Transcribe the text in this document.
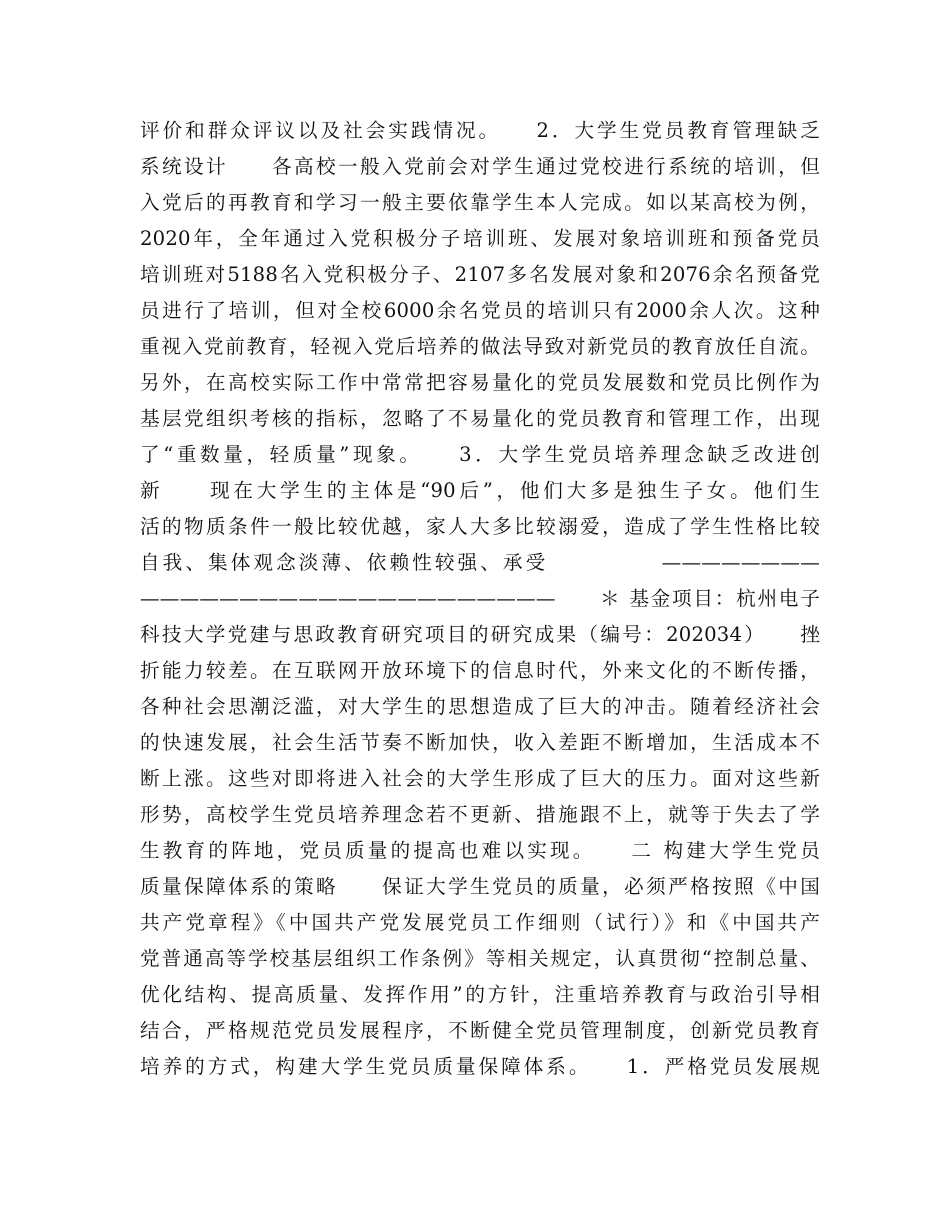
评价和群众评议以及社会实践情况。　　2．大学生党员教育管理缺乏
系统设计　　各高校一般入党前会对学生通过党校进行系统的培训，但
入党后的再教育和学习一般主要依靠学生本人完成。如以某高校为例，
2020年，全年通过入党积极分子培训班、发展对象培训班和预备党员
培训班对5188名入党积极分子、2107多名发展对象和2076余名预备党
员进行了培训，但对全校6000余名党员的培训只有2000余人次。这种
重视入党前教育，轻视入党后培养的做法导致对新党员的教育放任自流。
另外，在高校实际工作中常常把容易量化的党员发展数和党员比例作为
基层党组织考核的指标，忽略了不易量化的党员教育和管理工作，出现
了“重数量，轻质量”现象。　　3．大学生党员培养理念缺乏改进创
新　　现在大学生的主体是“90后”，他们大多是独生子女。他们生
活的物质条件一般比较优越，家人大多比较溺爱，造成了学生性格比较
自我、集体观念淡薄、依赖性较强、承受　　　　　————————
—————————————————————　　＊ 基金项目：杭州电子
科技大学党建与思政教育研究项目的研究成果（编号：202034）　　挫
折能力较差。在互联网开放环境下的信息时代，外来文化的不断传播，
各种社会思潮泛滥，对大学生的思想造成了巨大的冲击。随着经济社会
的快速发展，社会生活节奏不断加快，收入差距不断增加，生活成本不
断上涨。这些对即将进入社会的大学生形成了巨大的压力。面对这些新
形势，高校学生党员培养理念若不更新、措施跟不上，就等于失去了学
生教育的阵地，党员质量的提高也难以实现。　　二 构建大学生党员
质量保障体系的策略　　保证大学生党员的质量，必须严格按照《中国
共产党章程》《中国共产党发展党员工作细则（试行）》和《中国共产
党普通高等学校基层组织工作条例》等相关规定，认真贯彻“控制总量、
优化结构、提高质量、发挥作用”的方针，注重培养教育与政治引导相
结合，严格规范党员发展程序，不断健全党员管理制度，创新党员教育
培养的方式，构建大学生党员质量保障体系。　　1．严格党员发展规
